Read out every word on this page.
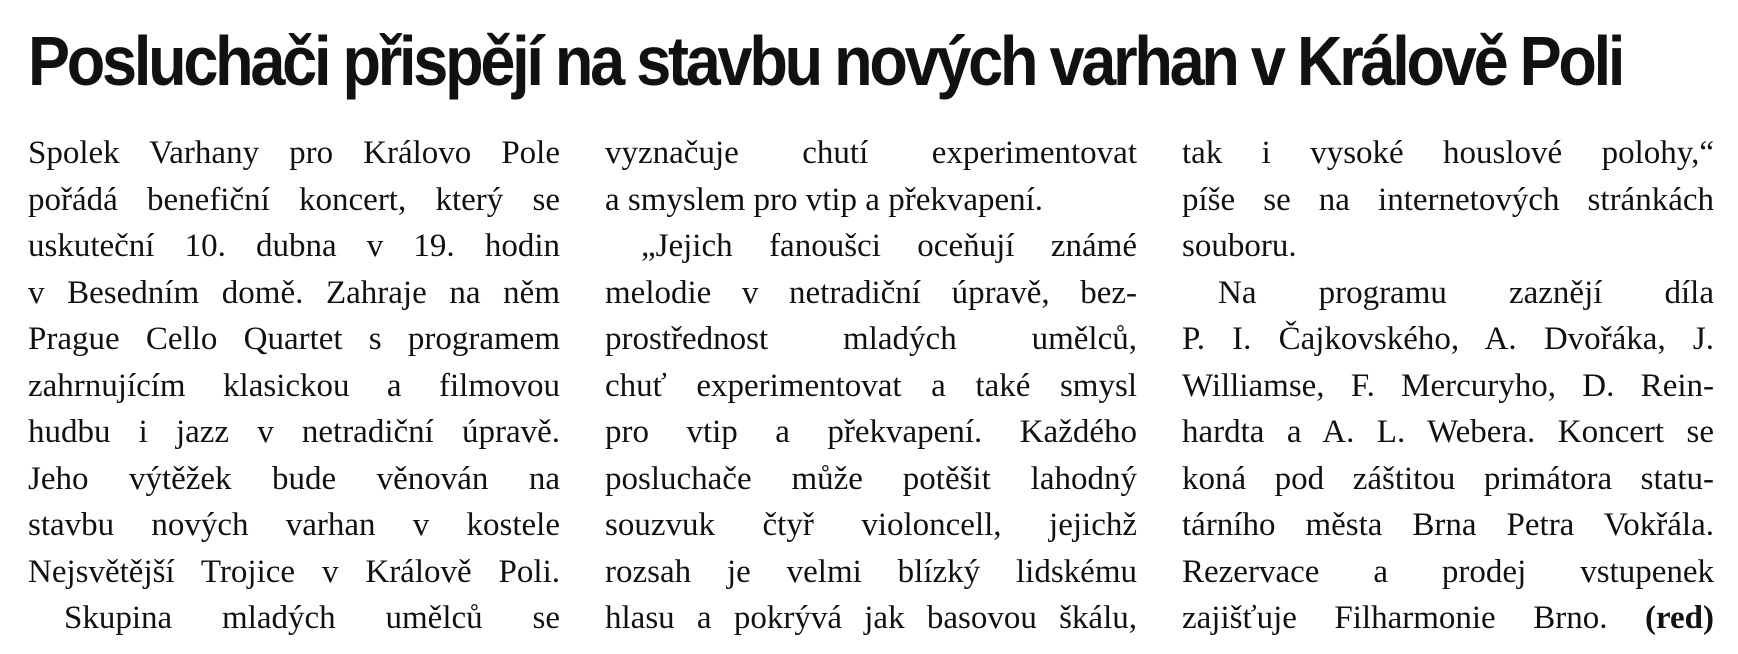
Posluchači přispějí na stavbu nových varhan v Králově Poli
Spolek Varhany pro Královo Pole
pořádá benefiční koncert, který se
uskuteční 10. dubna v 19. hodin
v Besedním domě. Zahraje na něm
Prague Cello Quartet s programem
zahrnujícím klasickou a filmovou
hudbu i jazz v netradiční úpravě.
Jeho výtěžek bude věnován na
stavbu nových varhan v kostele
Nejsvětější Trojice v Králově Poli.
Skupina mladých umělců se
vyznačuje chutí experimentovat
a smyslem pro vtip a překvapení.
„Jejich fanoušci oceňují známé
melodie v netradiční úpravě, bez-
prostřednost mladých umělců,
chuť experimentovat a také smysl
pro vtip a překvapení. Každého
posluchače může potěšit lahodný
souzvuk čtyř violoncell, jejichž
rozsah je velmi blízký lidskému
hlasu a pokrývá jak basovou škálu,
tak i vysoké houslové polohy,“
píše se na internetových stránkách
souboru.
Na programu zaznějí díla
P. I. Čajkovského, A. Dvořáka, J.
Williamse, F. Mercuryho, D. Rein-
hardta a A. L. Webera. Koncert se
koná pod záštitou primátora statu-
tárního města Brna Petra Vokřála.
Rezervace a prodej vstupenek
zajišťuje Filharmonie Brno. (red)
